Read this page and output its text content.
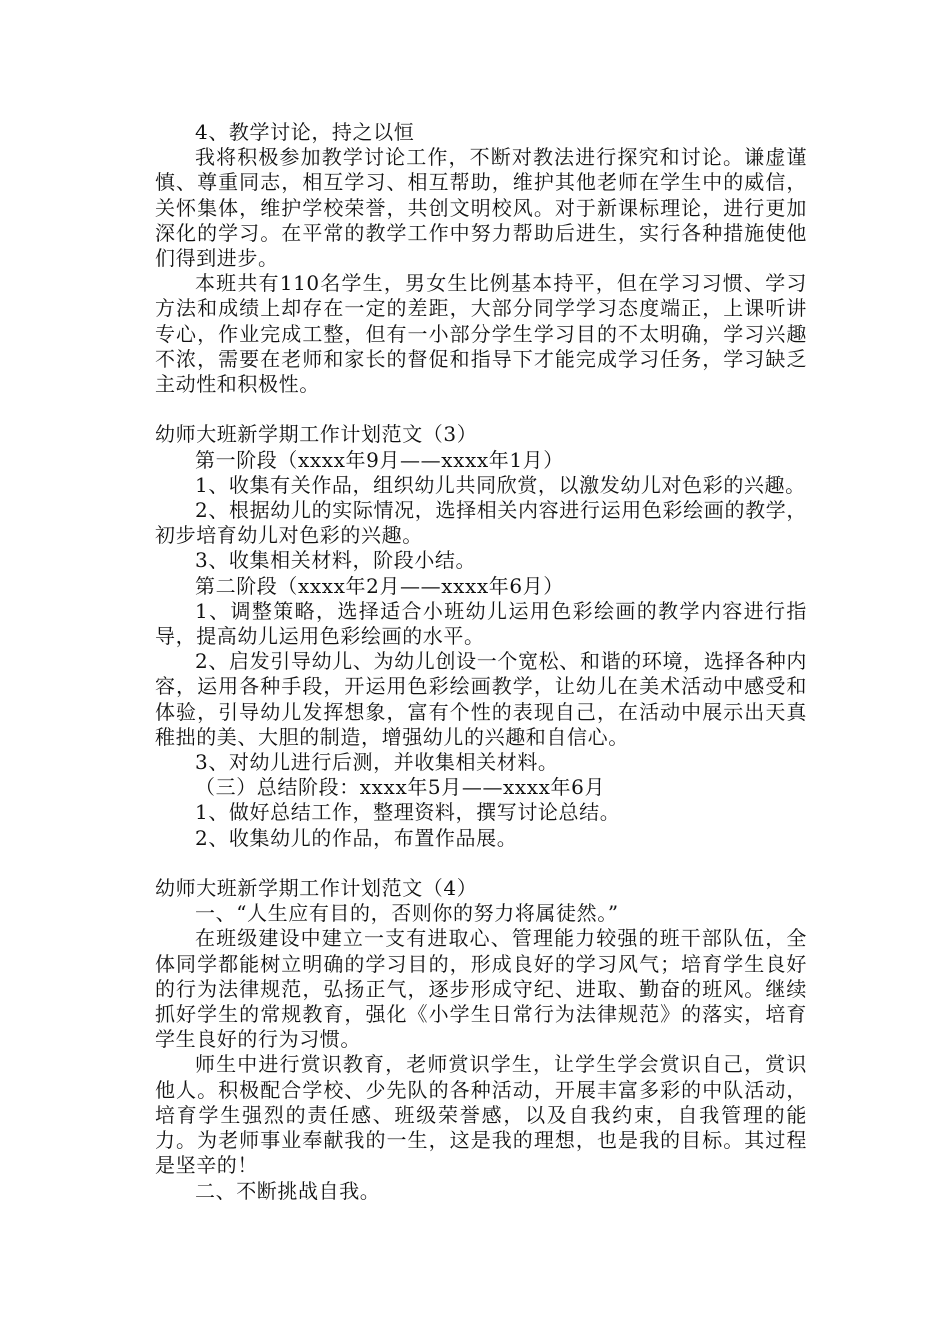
4、教学讨论，持之以恒

我将积极参加教学讨论工作，不断对教法进行探究和讨论。谦虚谨慎、尊重同志，相互学习、相互帮助，维护其他老师在学生中的威信，关怀集体，维护学校荣誉，共创文明校风。对于新课标理论，进行更加深化的学习。在平常的教学工作中努力帮助后进生，实行各种措施使他们得到进步。

本班共有110名学生，男女生比例基本持平，但在学习习惯、学习方法和成绩上却存在一定的差距，大部分同学学习态度端正，上课听讲专心，作业完成工整，但有一小部分学生学习目的不太明确，学习兴趣不浓，需要在老师和家长的督促和指导下才能完成学习任务，学习缺乏主动性和积极性。

幼师大班新学期工作计划范文（3）

第一阶段（xxxx年9月——xxxx年1月）

1、收集有关作品，组织幼儿共同欣赏，以激发幼儿对色彩的兴趣。

2、根据幼儿的实际情况，选择相关内容进行运用色彩绘画的教学，初步培育幼儿对色彩的兴趣。

3、收集相关材料，阶段小结。

第二阶段（xxxx年2月——xxxx年6月）

1、调整策略，选择适合小班幼儿运用色彩绘画的教学内容进行指导，提高幼儿运用色彩绘画的水平。

2、启发引导幼儿、为幼儿创设一个宽松、和谐的环境，选择各种内容，运用各种手段，开运用色彩绘画教学，让幼儿在美术活动中感受和体验，引导幼儿发挥想象，富有个性的表现自己，在活动中展示出天真稚拙的美、大胆的制造，增强幼儿的兴趣和自信心。

3、对幼儿进行后测，并收集相关材料。

（三）总结阶段：xxxx年5月——xxxx年6月

1、做好总结工作，整理资料，撰写讨论总结。

2、收集幼儿的作品，布置作品展。

幼师大班新学期工作计划范文（4）

一、“人生应有目的，否则你的努力将属徒然。”

在班级建设中建立一支有进取心、管理能力较强的班干部队伍，全体同学都能树立明确的学习目的，形成良好的学习风气；培育学生良好的行为法律规范，弘扬正气，逐步形成守纪、进取、勤奋的班风。继续抓好学生的常规教育，强化《小学生日常行为法律规范》的落实，培育学生良好的行为习惯。

师生中进行赏识教育，老师赏识学生，让学生学会赏识自己，赏识他人。积极配合学校、少先队的各种活动，开展丰富多彩的中队活动，培育学生强烈的责任感、班级荣誉感，以及自我约束，自我管理的能力。为老师事业奉献我的一生，这是我的理想，也是我的目标。其过程是坚辛的！

二、不断挑战自我。
